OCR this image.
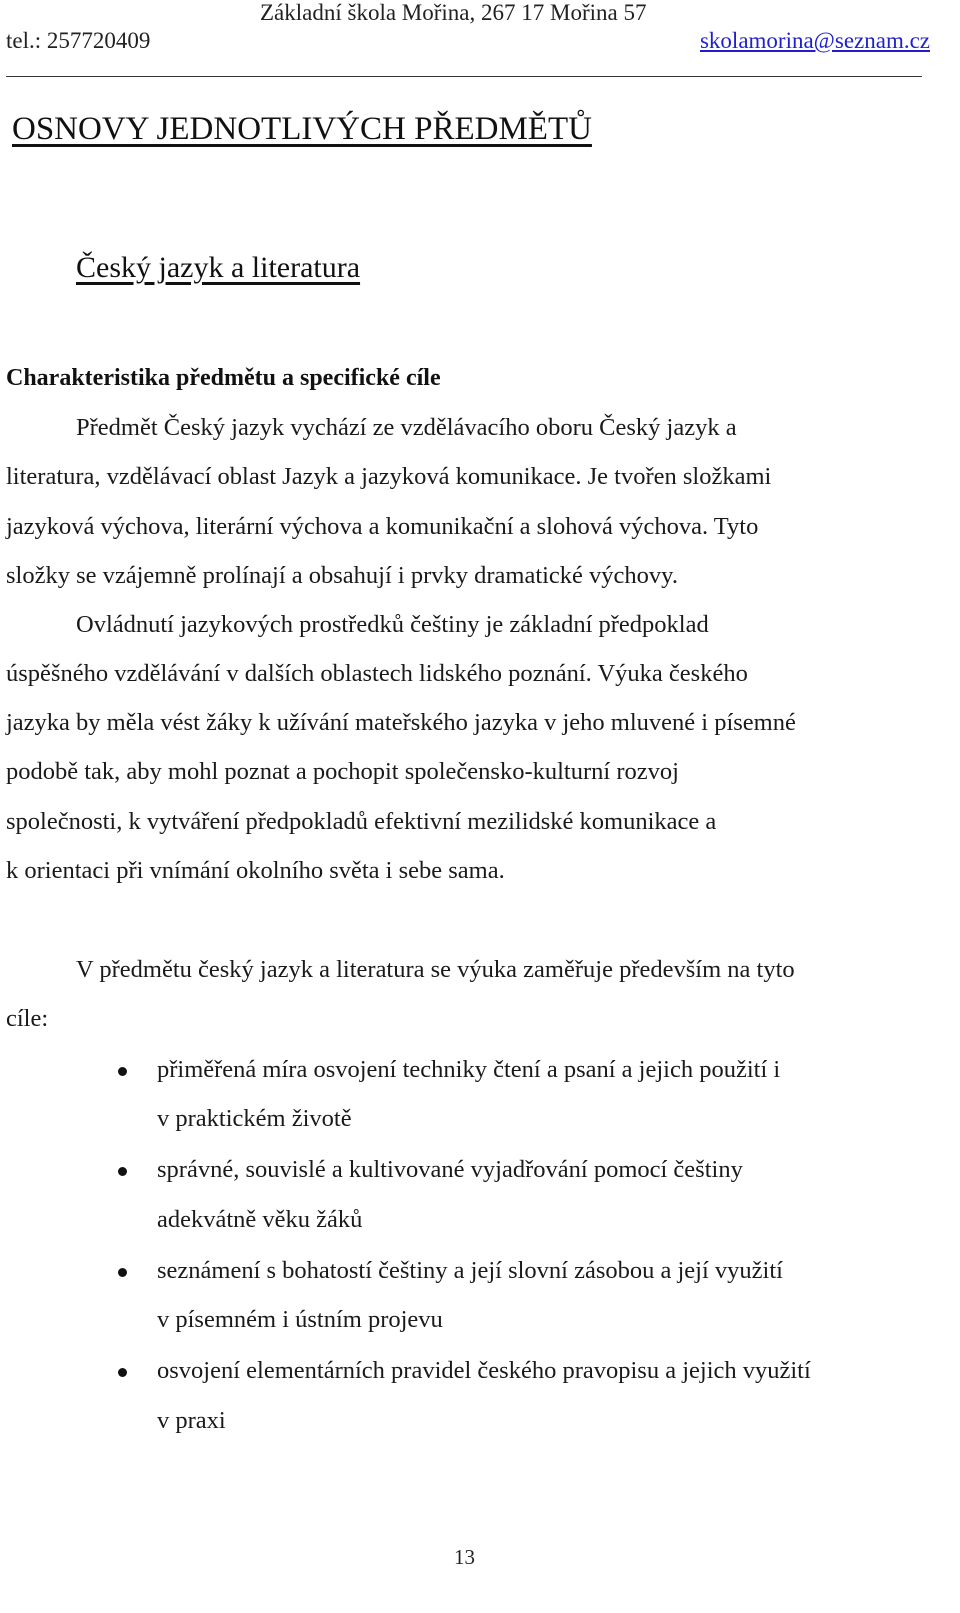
Základní škola Mořina, 267 17 Mořina 57
tel.: 257720409	skolamorina@seznam.cz
OSNOVY JEDNOTLIVÝCH PŘEDMĚTŮ
Český jazyk a literatura
Charakteristika předmětu a specifické cíle
Předmět Český jazyk vychází ze vzdělávacího oboru Český jazyk a
literatura, vzdělávací oblast Jazyk a jazyková komunikace. Je tvořen složkami
jazyková výchova, literární výchova a komunikační a slohová výchova. Tyto
složky se vzájemně prolínají a obsahují i prvky dramatické výchovy.
Ovládnutí jazykových prostředků češtiny je základní předpoklad
úspěšného vzdělávání v dalších oblastech lidského poznání. Výuka českého
jazyka by měla vést žáky k užívání mateřského jazyka v jeho mluvené i písemné
podobě tak, aby mohl poznat a pochopit společensko-kulturní rozvoj
společnosti, k vytváření předpokladů efektivní mezilidské komunikace a
k orientaci při vnímání okolního světa i sebe sama.
V předmětu český jazyk a literatura se výuka zaměřuje především na tyto
cíle:
přiměřená míra osvojení techniky čtení a psaní a jejich použití i
v praktickém životě
správné, souvislé a kultivované vyjadřování pomocí češtiny
adekvátně věku žáků
seznámení s bohatostí češtiny a její slovní zásobou a její využití
v písemném i ústním projevu
osvojení elementárních pravidel českého pravopisu a jejich využití
v praxi
13
